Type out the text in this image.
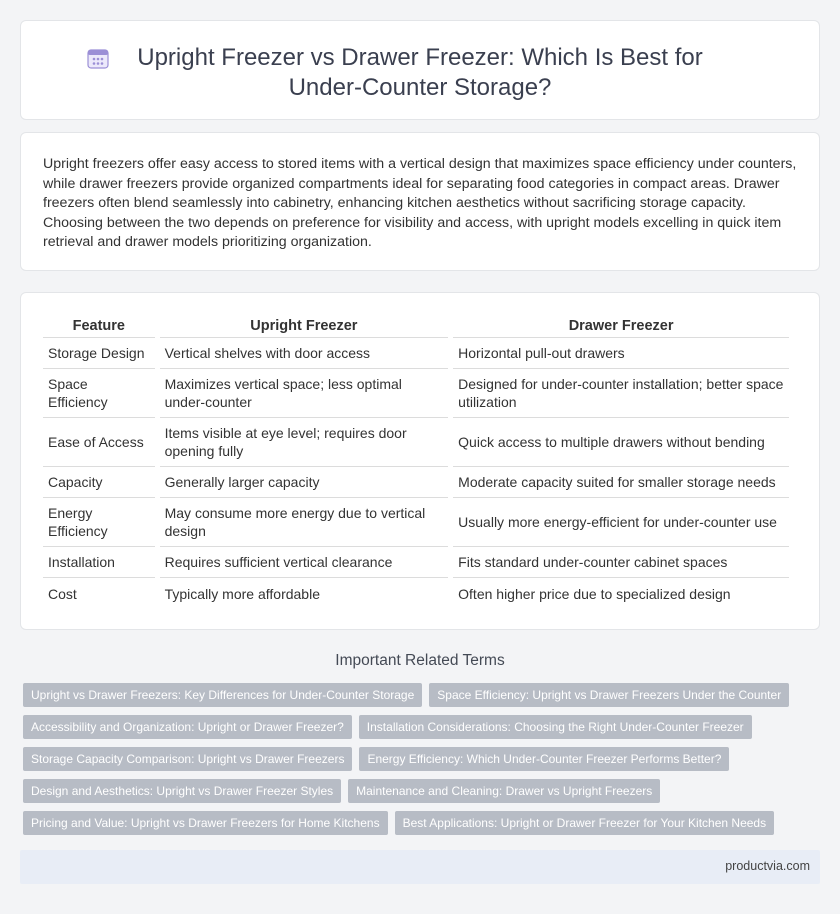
Upright Freezer vs Drawer Freezer: Which Is Best for Under-Counter Storage?

Upright freezers offer easy access to stored items with a vertical design that maximizes space efficiency under counters, while drawer freezers provide organized compartments ideal for separating food categories in compact areas. Drawer freezers often blend seamlessly into cabinetry, enhancing kitchen aesthetics without sacrificing storage capacity. Choosing between the two depends on preference for visibility and access, with upright models excelling in quick item retrieval and drawer models prioritizing organization.

Feature	Upright Freezer	Drawer Freezer
Storage Design	Vertical shelves with door access	Horizontal pull-out drawers
Space Efficiency	Maximizes vertical space; less optimal under-counter	Designed for under-counter installation; better space utilization
Ease of Access	Items visible at eye level; requires door opening fully	Quick access to multiple drawers without bending
Capacity	Generally larger capacity	Moderate capacity suited for smaller storage needs
Energy Efficiency	May consume more energy due to vertical design	Usually more energy-efficient for under-counter use
Installation	Requires sufficient vertical clearance	Fits standard under-counter cabinet spaces
Cost	Typically more affordable	Often higher price due to specialized design
Important Related Terms
Upright vs Drawer Freezers: Key Differences for Under-Counter Storage	Space Efficiency: Upright vs Drawer Freezers Under the Counter
Accessibility and Organization: Upright or Drawer Freezer?	Installation Considerations: Choosing the Right Under-Counter Freezer
Storage Capacity Comparison: Upright vs Drawer Freezers	Energy Efficiency: Which Under-Counter Freezer Performs Better?
Design and Aesthetics: Upright vs Drawer Freezer Styles	Maintenance and Cleaning: Drawer vs Upright Freezers
Pricing and Value: Upright vs Drawer Freezers for Home Kitchens	Best Applications: Upright or Drawer Freezer for Your Kitchen Needs
productvia.com
